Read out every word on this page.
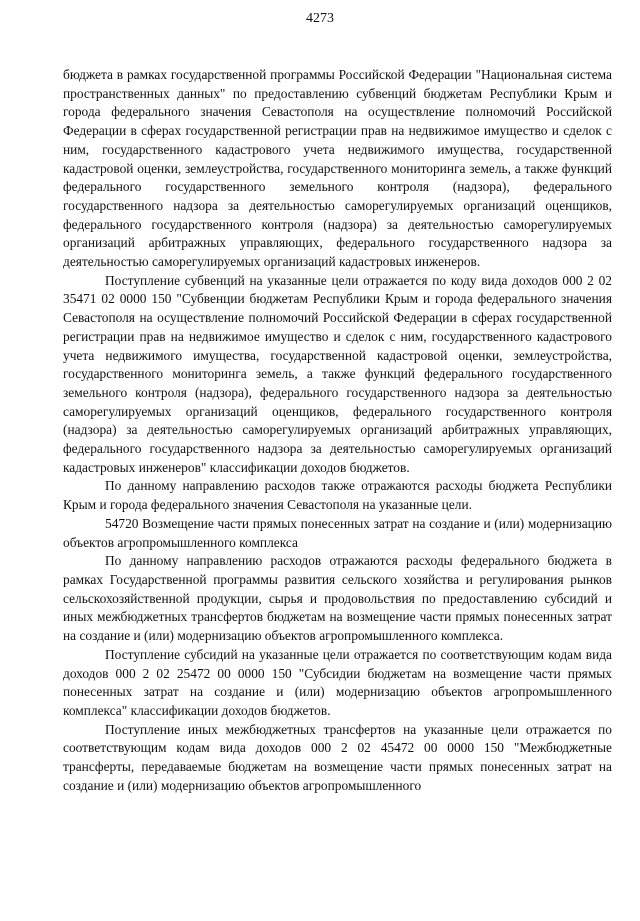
4273

бюджета в рамках государственной программы Российской Федерации "Национальная система пространственных данных" по предоставлению субвенций бюджетам Республики Крым и города федерального значения Севастополя на осуществление полномочий Российской Федерации в сферах государственной регистрации прав на недвижимое имущество и сделок с ним, государственного кадастрового учета недвижимого имущества, государственной кадастровой оценки, землеустройства, государственного мониторинга земель, а также функций федерального государственного земельного контроля (надзора), федерального государственного надзора за деятельностью саморегулируемых организаций оценщиков, федерального государственного контроля (надзора) за деятельностью саморегулируемых организаций арбитражных управляющих, федерального государственного надзора за деятельностью саморегулируемых организаций кадастровых инженеров.

Поступление субвенций на указанные цели отражается по коду вида доходов 000 2 02 35471 02 0000 150 "Субвенции бюджетам Республики Крым и города федерального значения Севастополя на осуществление полномочий Российской Федерации в сферах государственной регистрации прав на недвижимое имущество и сделок с ним, государственного кадастрового учета недвижимого имущества, государственной кадастровой оценки, землеустройства, государственного мониторинга земель, а также функций федерального государственного земельного контроля (надзора), федерального государственного надзора за деятельностью саморегулируемых организаций оценщиков, федерального государственного контроля (надзора) за деятельностью саморегулируемых организаций арбитражных управляющих, федерального государственного надзора за деятельностью саморегулируемых организаций кадастровых инженеров" классификации доходов бюджетов.

По данному направлению расходов также отражаются расходы бюджета Республики Крым и города федерального значения Севастополя на указанные цели.

54720 Возмещение части прямых понесенных затрат на создание и (или) модернизацию объектов агропромышленного комплекса

По данному направлению расходов отражаются расходы федерального бюджета в рамках Государственной программы развития сельского хозяйства и регулирования рынков сельскохозяйственной продукции, сырья и продовольствия по предоставлению субсидий и иных межбюджетных трансфертов бюджетам на возмещение части прямых понесенных затрат на создание и (или) модернизацию объектов агропромышленного комплекса.

Поступление субсидий на указанные цели отражается по соответствующим кодам вида доходов 000 2 02 25472 00 0000 150 "Субсидии бюджетам на возмещение части прямых понесенных затрат на создание и (или) модернизацию объектов агропромышленного комплекса" классификации доходов бюджетов.

Поступление иных межбюджетных трансфертов на указанные цели отражается по соответствующим кодам вида доходов 000 2 02 45472 00 0000 150 "Межбюджетные трансферты, передаваемые бюджетам на возмещение части прямых понесенных затрат на создание и (или) модернизацию объектов агропромышленного
